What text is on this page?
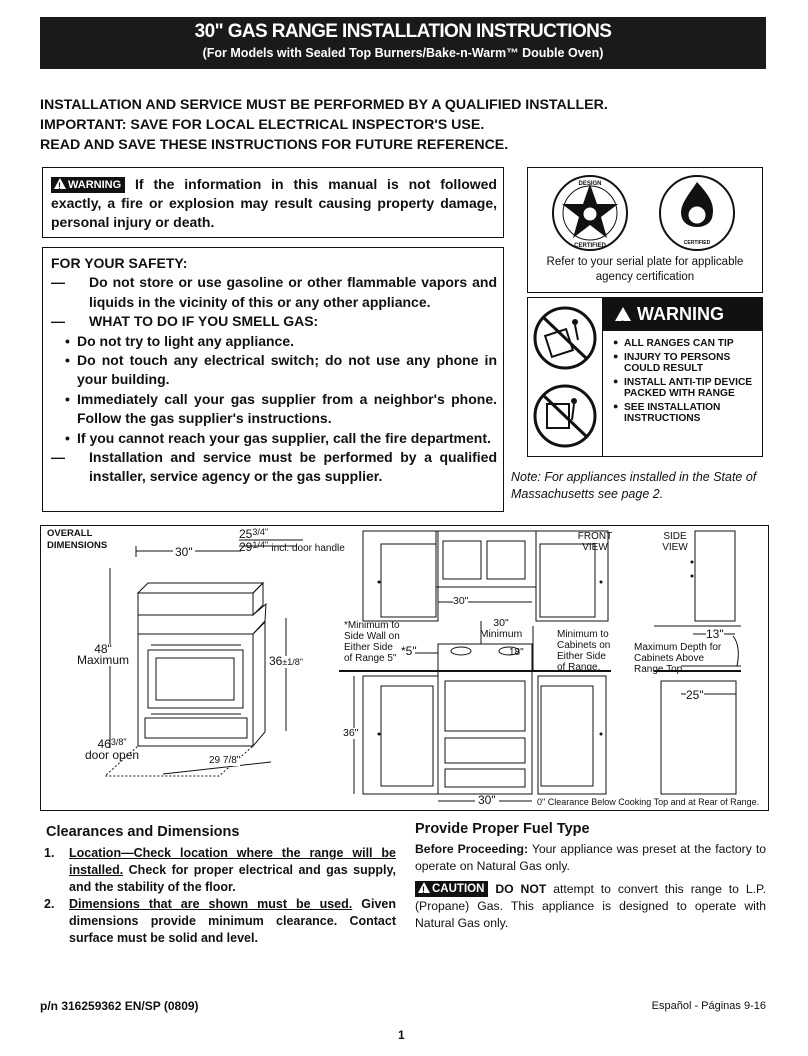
30" GAS RANGE INSTALLATION INSTRUCTIONS
(For Models with Sealed Top Burners/Bake-n-Warm™ Double Oven)
INSTALLATION AND SERVICE MUST BE PERFORMED BY A QUALIFIED INSTALLER.
IMPORTANT: SAVE FOR LOCAL ELECTRICAL INSPECTOR'S USE.
READ AND SAVE THESE INSTRUCTIONS FOR FUTURE REFERENCE.
!WARNING If the information in this manual is not followed exactly, a fire or explosion may result causing property damage, personal injury or death.
FOR YOUR SAFETY:
—	Do not store or use gasoline or other flammable vapors and liquids in the vicinity of this or any other appliance.
—	WHAT TO DO IF YOU SMELL GAS:
• Do not try to light any appliance.
• Do not touch any electrical switch; do not use any phone in your building.
• Immediately call your gas supplier from a neighbor's phone. Follow the gas supplier's instructions.
• If you cannot reach your gas supplier, call the fire department.
—	Installation and service must be performed by a qualified installer, service agency or the gas supplier.
DESIGN
CERTIFIED	CERTIFIED
Refer to your serial plate for applicable agency certification
!WARNING
● ALL RANGES CAN TIP
● INJURY TO PERSONS COULD RESULT
● INSTALL ANTI-TIP DEVICE PACKED WITH RANGE
● SEE INSTALLATION INSTRUCTIONS
Note: For appliances installed in the State of Massachusetts see page 2.
OVERALL DIMENSIONS
$25^{3/4"}$
$29^{1/4"}$ incl. door handle
30"
48"
Maximum	36±1/8"
$46^{3/8"}$
door open	29 7/8"
FRONT VIEW
SIDE VIEW
30"
*Minimum to Side Wall on Either Side of Range 5"
*5"	18"
30" Minimum	Minimum to Cabinets on Either Side of Range.
36"
30"	0" Clearance Below Cooking Top and at Rear of Range.
13"
Maximum Depth for Cabinets Above Range Top.
25"
Clearances and Dimensions
1.	Location—Check location where the range will be installed. Check for proper electrical and gas supply, and the stability of the floor.
2.	Dimensions that are shown must be used. Given dimensions provide minimum clearance. Contact surface must be solid and level.
Provide Proper Fuel Type

Before Proceeding: Your appliance was preset at the factory to operate on Natural Gas only.

!CAUTION DO NOT attempt to convert this range to L.P. (Propane) Gas. This appliance is designed to operate with Natural Gas only.

p/n 316259362 EN/SP (0809)	Español - Páginas 9-16
1
